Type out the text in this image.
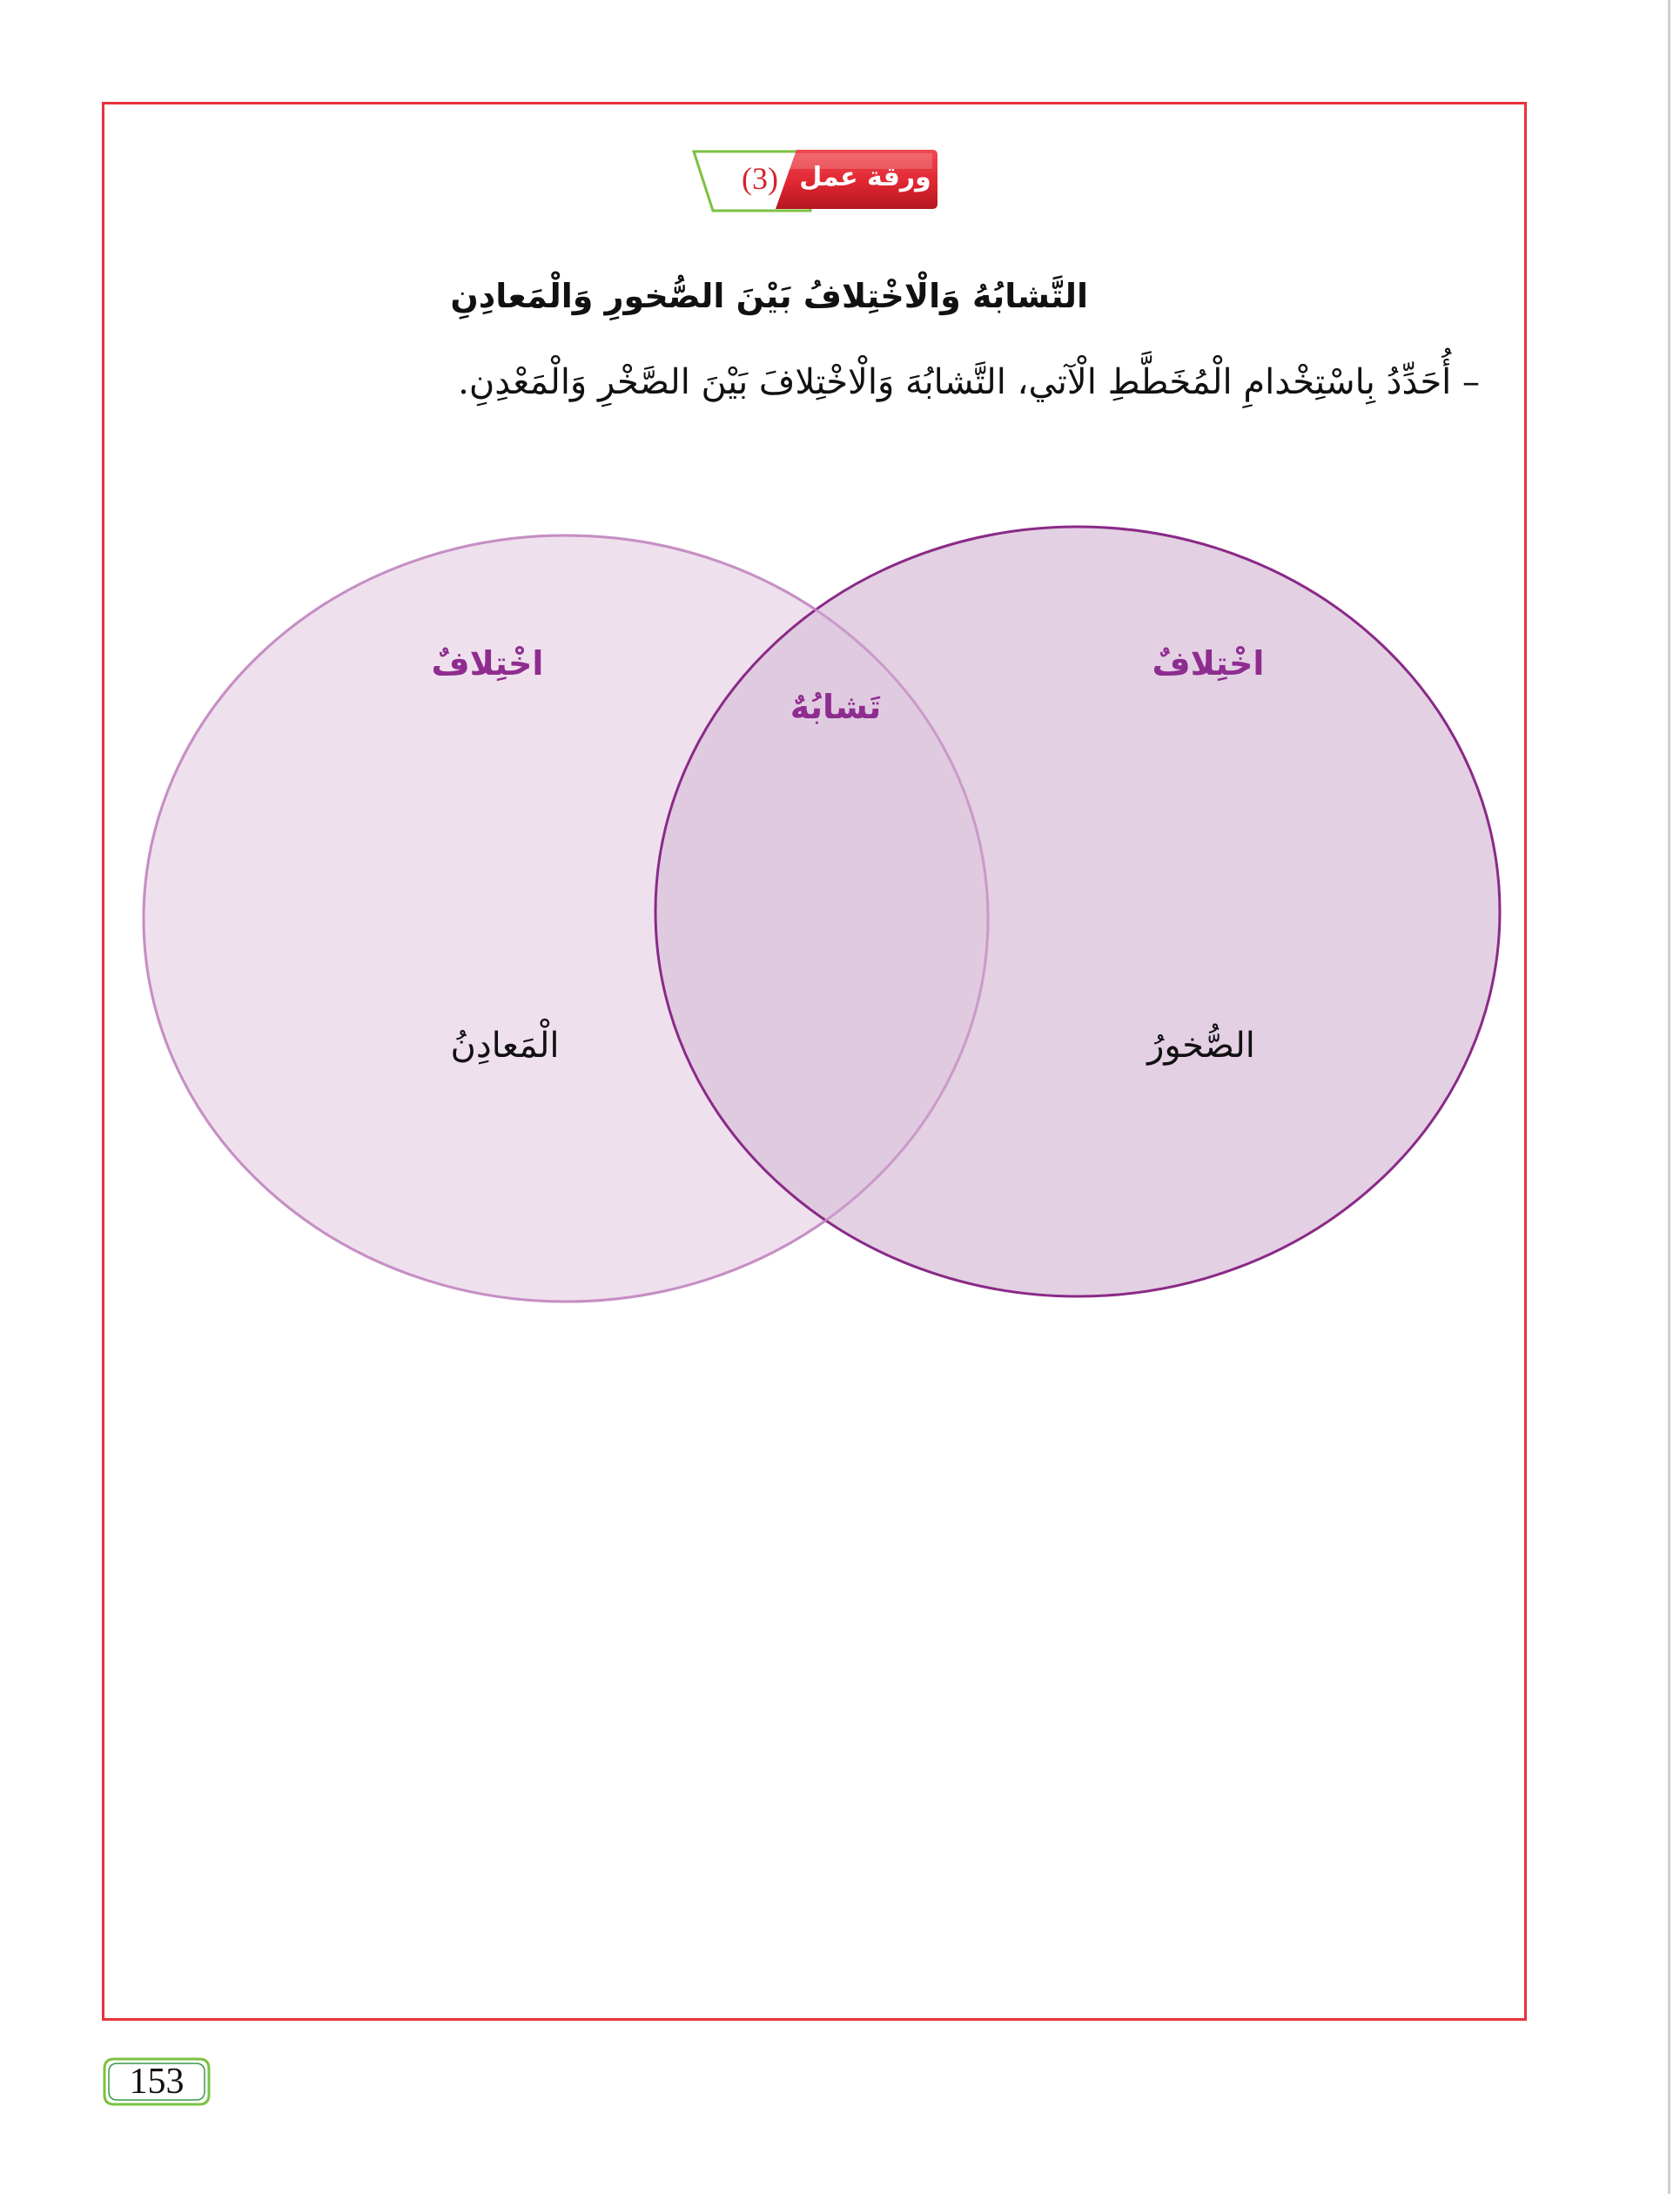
(3) ورقة عمل
التَّشابُهُ وَالْاخْتِلافُ بَيْنَ الصُّخورِ وَالْمَعادِنِ
– أُحَدِّدُ بِاسْتِخْدامِ الْمُخَطَّطِ الْآتي، التَّشابُهَ وَالْاخْتِلافَ بَيْنَ الصَّخْرِ وَالْمَعْدِنِ.
اخْتِلافٌ	اخْتِلافٌ
تَشابُهٌ
الْمَعادِنُ	الصُّخورُ
153
